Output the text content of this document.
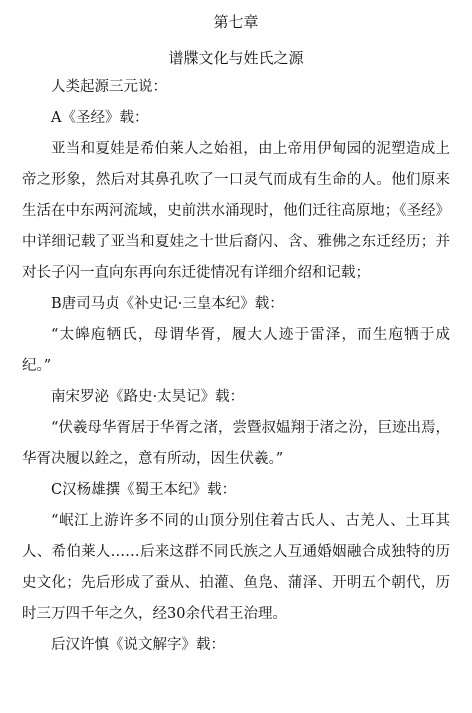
第七章
谱牒文化与姓氏之源

人类起源三元说：

A《圣经》载：

亚当和夏娃是希伯莱人之始祖，由上帝用伊甸园的泥塑造成上帝之形象，然后对其鼻孔吹了一口灵气而成有生命的人。他们原来生活在中东两河流域，史前洪水涌现时，他们迁往高原地；《圣经》中详细记载了亚当和夏娃之十世后裔闪、含、雅佛之东迁经历；并对长子闪一直向东再向东迁徙情况有详细介绍和记载；

B唐司马贞《补史记·三皇本纪》载：

“太皞庖牺氏，母谓华胥，履大人迹于雷泽，而生庖牺于成纪。”

南宋罗泌《路史·太昊记》载：

“伏羲母华胥居于华胥之渚，尝暨叔媪翔于渚之汾，巨迹出焉，华胥决履以銓之，意有所动，因生伏羲。”

C汉杨雄撰《蜀王本纪》载：

“岷江上游许多不同的山顶分别住着古氏人、古羌人、土耳其人、希伯莱人……后来这群不同氏族之人互通婚姻融合成独特的历史文化；先后形成了蚕从、拍灌、鱼凫、蒲泽、开明五个朝代，历时三万四千年之久，经30余代君王治理。

后汉许慎《说文解字》载：
